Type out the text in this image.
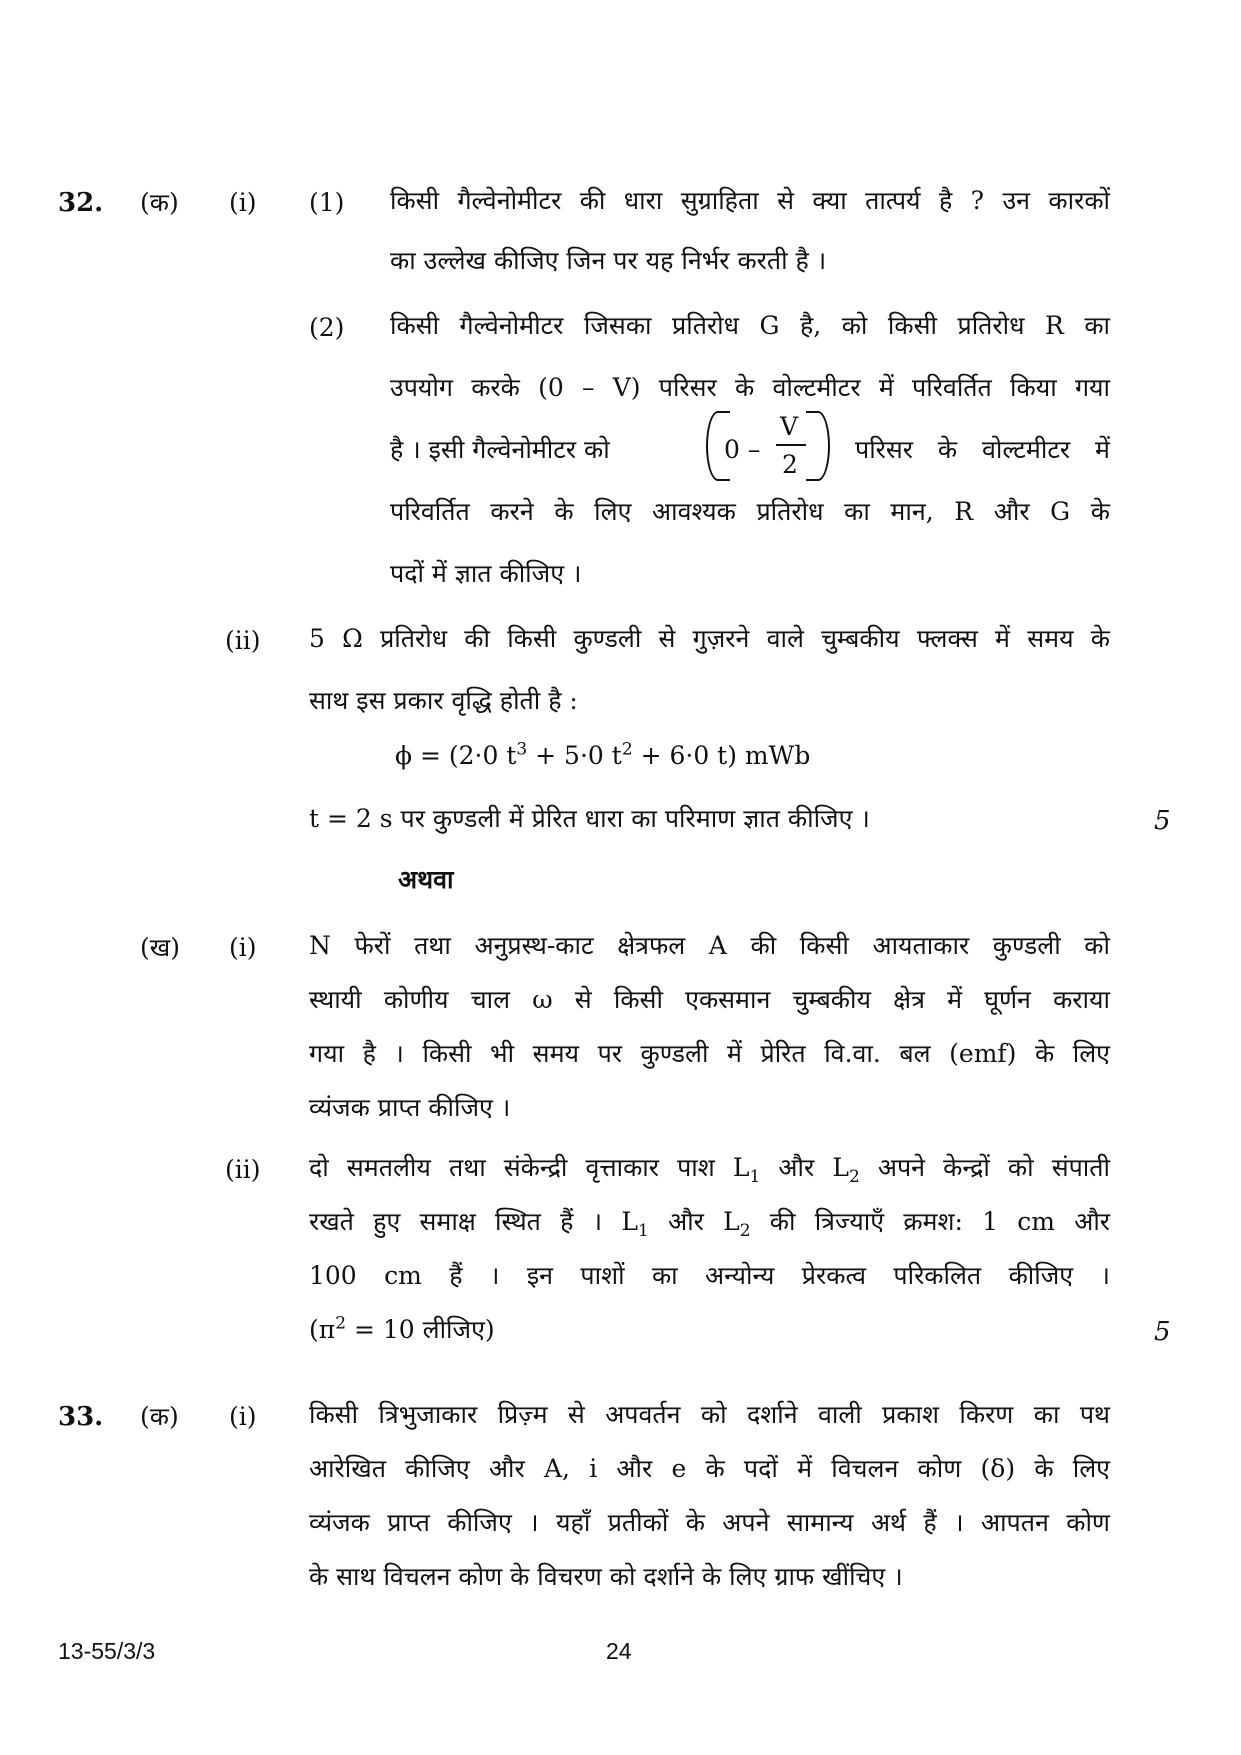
32. (क) (i) (1) किसी गैल्वेनोमीटर की धारा सुग्राहिता से क्या तात्पर्य है ? उन कारकों
का उल्लेख कीजिए जिन पर यह निर्भर करती है ।
(2) किसी गैल्वेनोमीटर जिसका प्रतिरोध G है, को किसी प्रतिरोध R का
उपयोग करके (0 – V) परिसर के वोल्टमीटर में परिवर्तित किया गया
है । इसी गैल्वेनोमीटर को	0 –
V
2
परिसर के वोल्टमीटर में
परिवर्तित करने के लिए आवश्यक प्रतिरोध का मान, R और G के
पदों में ज्ञात कीजिए ।
(ii) 5 Ω प्रतिरोध की किसी कुण्डली से गुज़रने वाले चुम्बकीय फ्लक्स में समय के
साथ इस प्रकार वृद्धि होती है :
ϕ = (2·0 $t^3 + 5\cdot 0$ $t^2 + 6\cdot 0$ t) mWb
t = 2 s पर कुण्डली में प्रेरित धारा का परिमाण ज्ञात कीजिए ।	5
अथवा
(ख) (i) N फेरों तथा अनुप्रस्थ-काट क्षेत्रफल A की किसी आयताकार कुण्डली को
स्थायी कोणीय चाल ω से किसी एकसमान चुम्बकीय क्षेत्र में घूर्णन कराया
गया है । किसी भी समय पर कुण्डली में प्रेरित वि.वा. बल (emf) के लिए
व्यंजक प्राप्त कीजिए ।
(ii) दो समतलीय तथा संकेन्द्री वृत्ताकार पाश $L_1$ और $L_2$ अपने केन्द्रों को संपाती
रखते हुए समाक्ष स्थित हैं । $L_1$ और $L_2$ की त्रिज्याएँ क्रमश: 1 cm और
100 cm हैं । इन पाशों का अन्योन्य प्रेरकत्व परिकलित कीजिए ।
($\pi^2 = 10$ लीजिए)	5
33. (क) (i) किसी त्रिभुजाकार प्रिज़्म से अपवर्तन को दर्शाने वाली प्रकाश किरण का पथ
आरेखित कीजिए और A, i और e के पदों में विचलन कोण (δ) के लिए
व्यंजक प्राप्त कीजिए । यहाँ प्रतीकों के अपने सामान्य अर्थ हैं । आपतन कोण
के साथ विचलन कोण के विचरण को दर्शाने के लिए ग्राफ खींचिए ।
13-55/3/3	24
